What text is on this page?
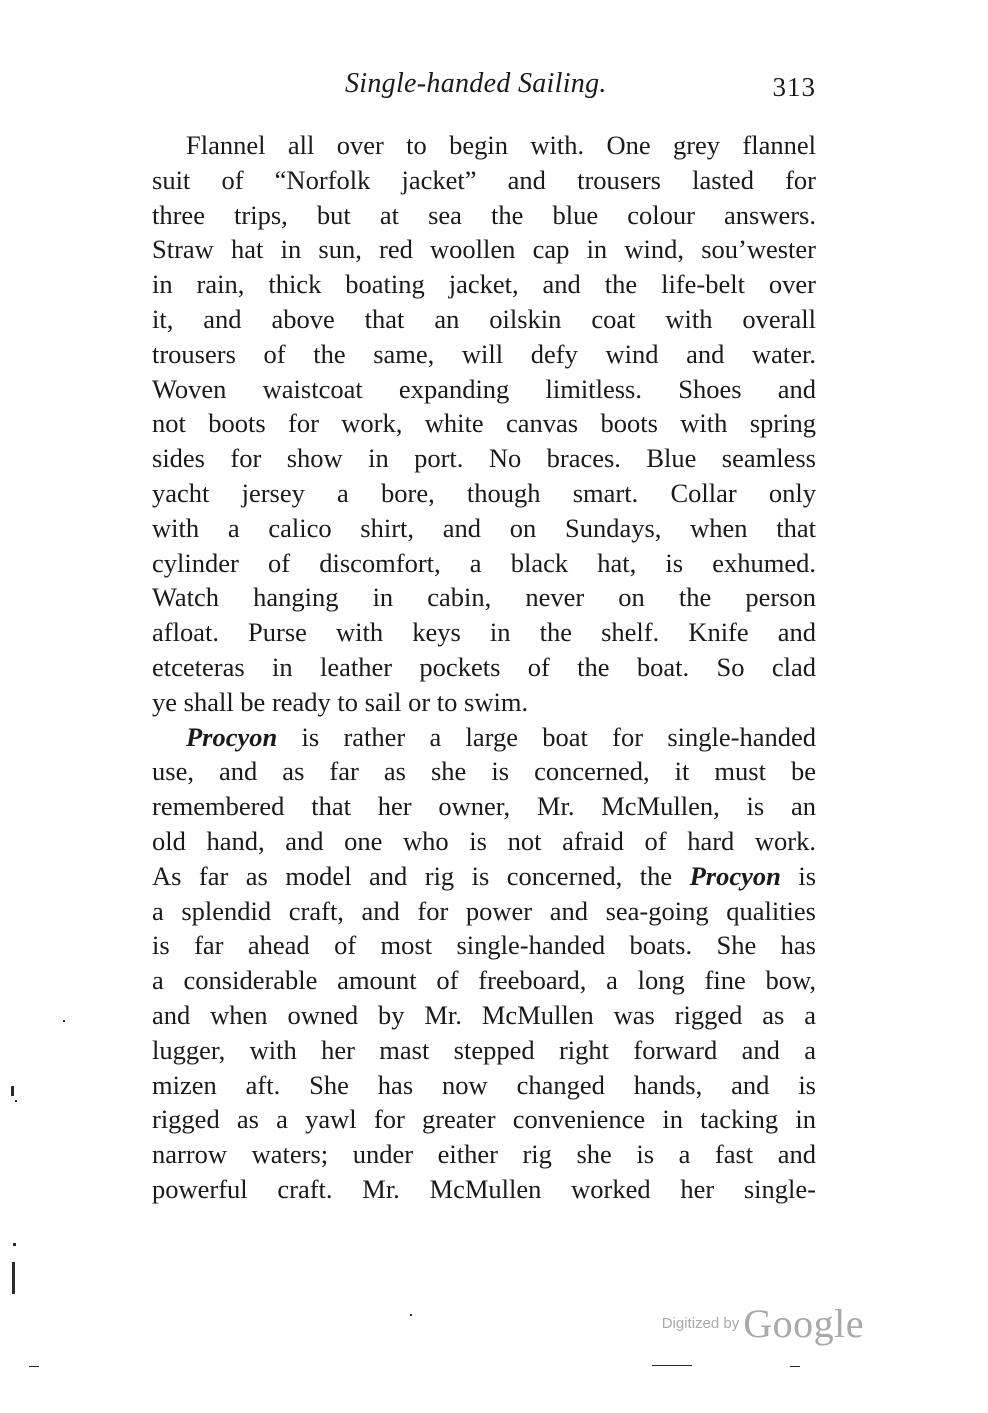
Single-handed Sailing.	313
Flannel all over to begin with. One grey flannel
suit of “Norfolk jacket” and trousers lasted for
three trips, but at sea the blue colour answers.
Straw hat in sun, red woollen cap in wind, sou’wester
in rain, thick boating jacket, and the life-belt over
it, and above that an oilskin coat with overall
trousers of the same, will defy wind and water.
Woven waistcoat expanding limitless. Shoes and
not boots for work, white canvas boots with spring
sides for show in port. No braces. Blue seamless
yacht jersey a bore, though smart. Collar only
with a calico shirt, and on Sundays, when that
cylinder of discomfort, a black hat, is exhumed.
Watch hanging in cabin, never on the person
afloat. Purse with keys in the shelf. Knife and
etceteras in leather pockets of the boat. So clad
ye shall be ready to sail or to swim.
Procyon is rather a large boat for single-handed
use, and as far as she is concerned, it must be
remembered that her owner, Mr. McMullen, is an
old hand, and one who is not afraid of hard work.
As far as model and rig is concerned, the Procyon is
a splendid craft, and for power and sea-going qualities
is far ahead of most single-handed boats. She has
a considerable amount of freeboard, a long fine bow,
and when owned by Mr. McMullen was rigged as a
lugger, with her mast stepped right forward and a
mizen aft. She has now changed hands, and is
rigged as a yawl for greater convenience in tacking in
narrow waters; under either rig she is a fast and
powerful craft. Mr. McMullen worked her single-
Digitized by Google
